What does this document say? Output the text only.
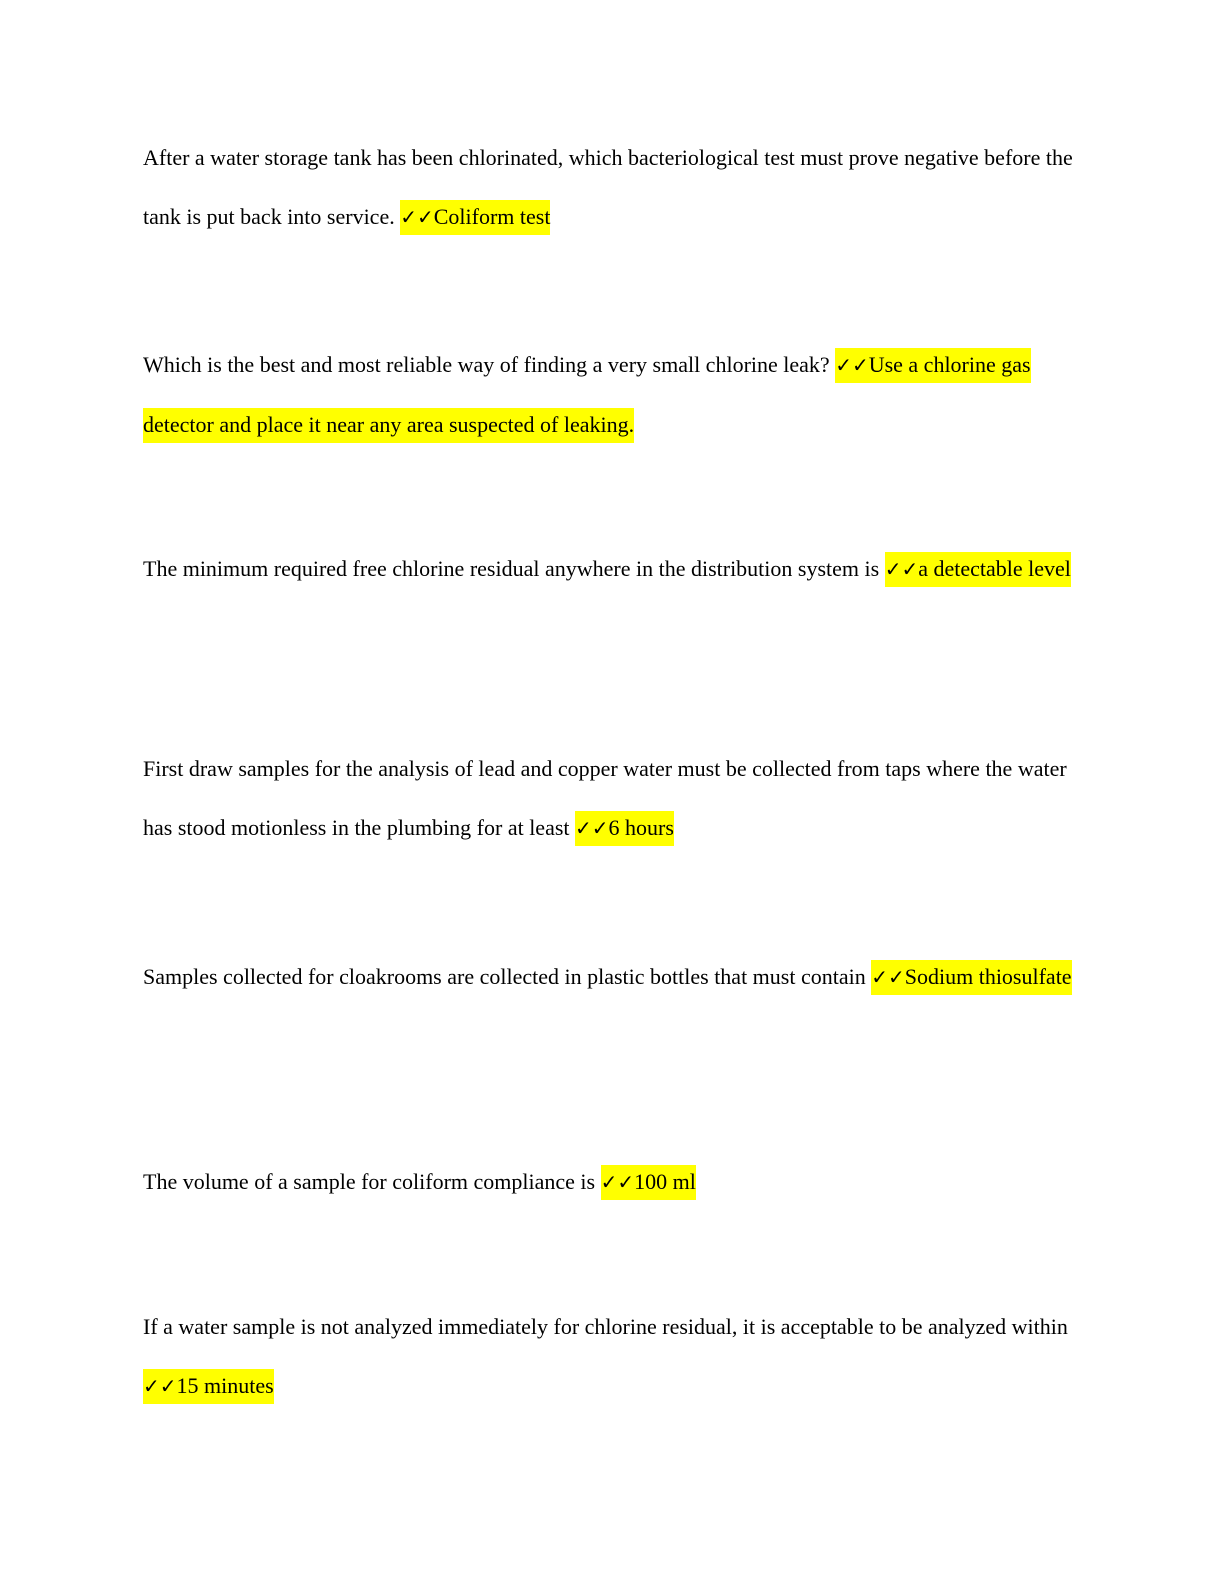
After a water storage tank has been chlorinated, which bacteriological test must prove negative before the tank is put back into service. ✓✓Coliform test

Which is the best and most reliable way of finding a very small chlorine leak? ✓✓Use a chlorine gas detector and place it near any area suspected of leaking.

The minimum required free chlorine residual anywhere in the distribution system is ✓✓a detectable level

First draw samples for the analysis of lead and copper water must be collected from taps where the water has stood motionless in the plumbing for at least ✓✓6 hours

Samples collected for cloakrooms are collected in plastic bottles that must contain ✓✓Sodium thiosulfate

The volume of a sample for coliform compliance is ✓✓100 ml

If a water sample is not analyzed immediately for chlorine residual, it is acceptable to be analyzed within ✓✓15 minutes
